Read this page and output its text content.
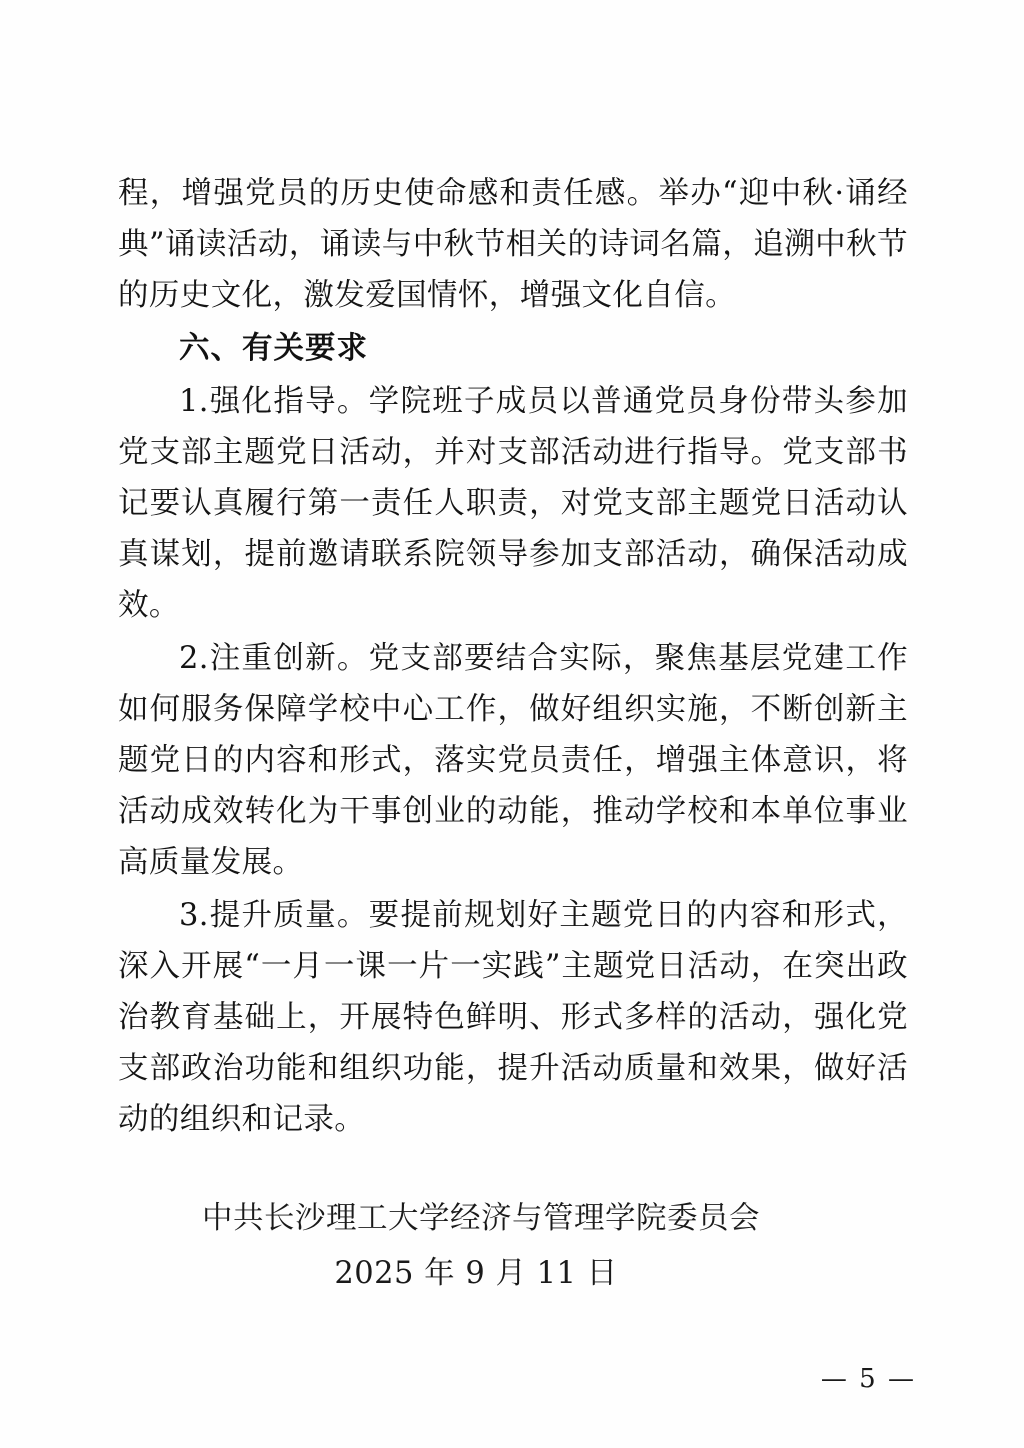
程，增强党员的历史使命感和责任感。举办“迎中秋·诵经典”诵读活动，诵读与中秋节相关的诗词名篇，追溯中秋节的历史文化，激发爱国情怀，增强文化自信。

六、有关要求

1.强化指导。学院班子成员以普通党员身份带头参加党支部主题党日活动，并对支部活动进行指导。党支部书记要认真履行第一责任人职责，对党支部主题党日活动认真谋划，提前邀请联系院领导参加支部活动，确保活动成效。

2.注重创新。党支部要结合实际，聚焦基层党建工作如何服务保障学校中心工作，做好组织实施，不断创新主题党日的内容和形式，落实党员责任，增强主体意识，将活动成效转化为干事创业的动能，推动学校和本单位事业高质量发展。

3.提升质量。要提前规划好主题党日的内容和形式，深入开展“一月一课一片一实践”主题党日活动，在突出政治教育基础上，开展特色鲜明、形式多样的活动，强化党支部政治功能和组织功能，提升活动质量和效果，做好活动的组织和记录。

中共长沙理工大学经济与管理学院委员会

2025 年 9 月 11 日

— 5 —
